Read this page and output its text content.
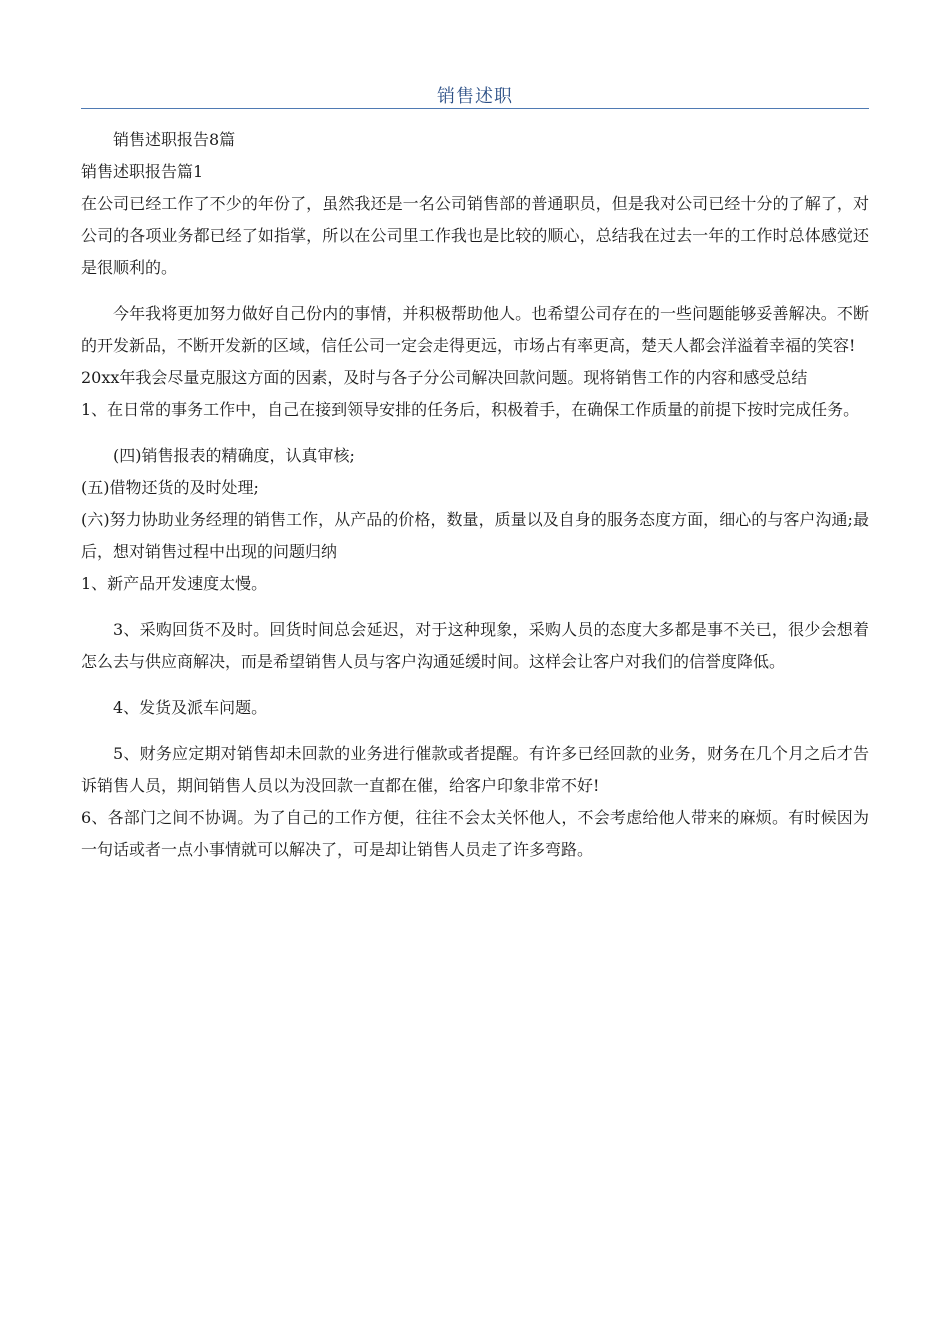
销售述职

销售述职报告8篇

销售述职报告篇1

在公司已经工作了不少的年份了，虽然我还是一名公司销售部的普通职员，但是我对公司已经十分的了解了，对公司的各项业务都已经了如指掌，所以在公司里工作我也是比较的顺心，总结我在过去一年的工作时总体感觉还是很顺利的。

今年我将更加努力做好自己份内的事情，并积极帮助他人。也希望公司存在的一些问题能够妥善解决。不断的开发新品，不断开发新的区域，信任公司一定会走得更远，市场占有率更高，楚天人都会洋溢着幸福的笑容!

20xx年我会尽量克服这方面的因素，及时与各子分公司解决回款问题。现将销售工作的内容和感受总结

1、在日常的事务工作中，自己在接到领导安排的任务后，积极着手，在确保工作质量的前提下按时完成任务。

(四)销售报表的精确度，认真审核;

(五)借物还货的及时处理;

(六)努力协助业务经理的销售工作，从产品的价格，数量，质量以及自身的服务态度方面，细心的与客户沟通;最后，想对销售过程中出现的问题归纳

1、新产品开发速度太慢。

3、采购回货不及时。回货时间总会延迟，对于这种现象，采购人员的态度大多都是事不关已，很少会想着怎么去与供应商解决，而是希望销售人员与客户沟通延缓时间。这样会让客户对我们的信誉度降低。

4、发货及派车问题。

5、财务应定期对销售却未回款的业务进行催款或者提醒。有许多已经回款的业务，财务在几个月之后才告诉销售人员，期间销售人员以为没回款一直都在催，给客户印象非常不好!

6、各部门之间不协调。为了自己的工作方便，往往不会太关怀他人，不会考虑给他人带来的麻烦。有时候因为一句话或者一点小事情就可以解决了，可是却让销售人员走了许多弯路。
